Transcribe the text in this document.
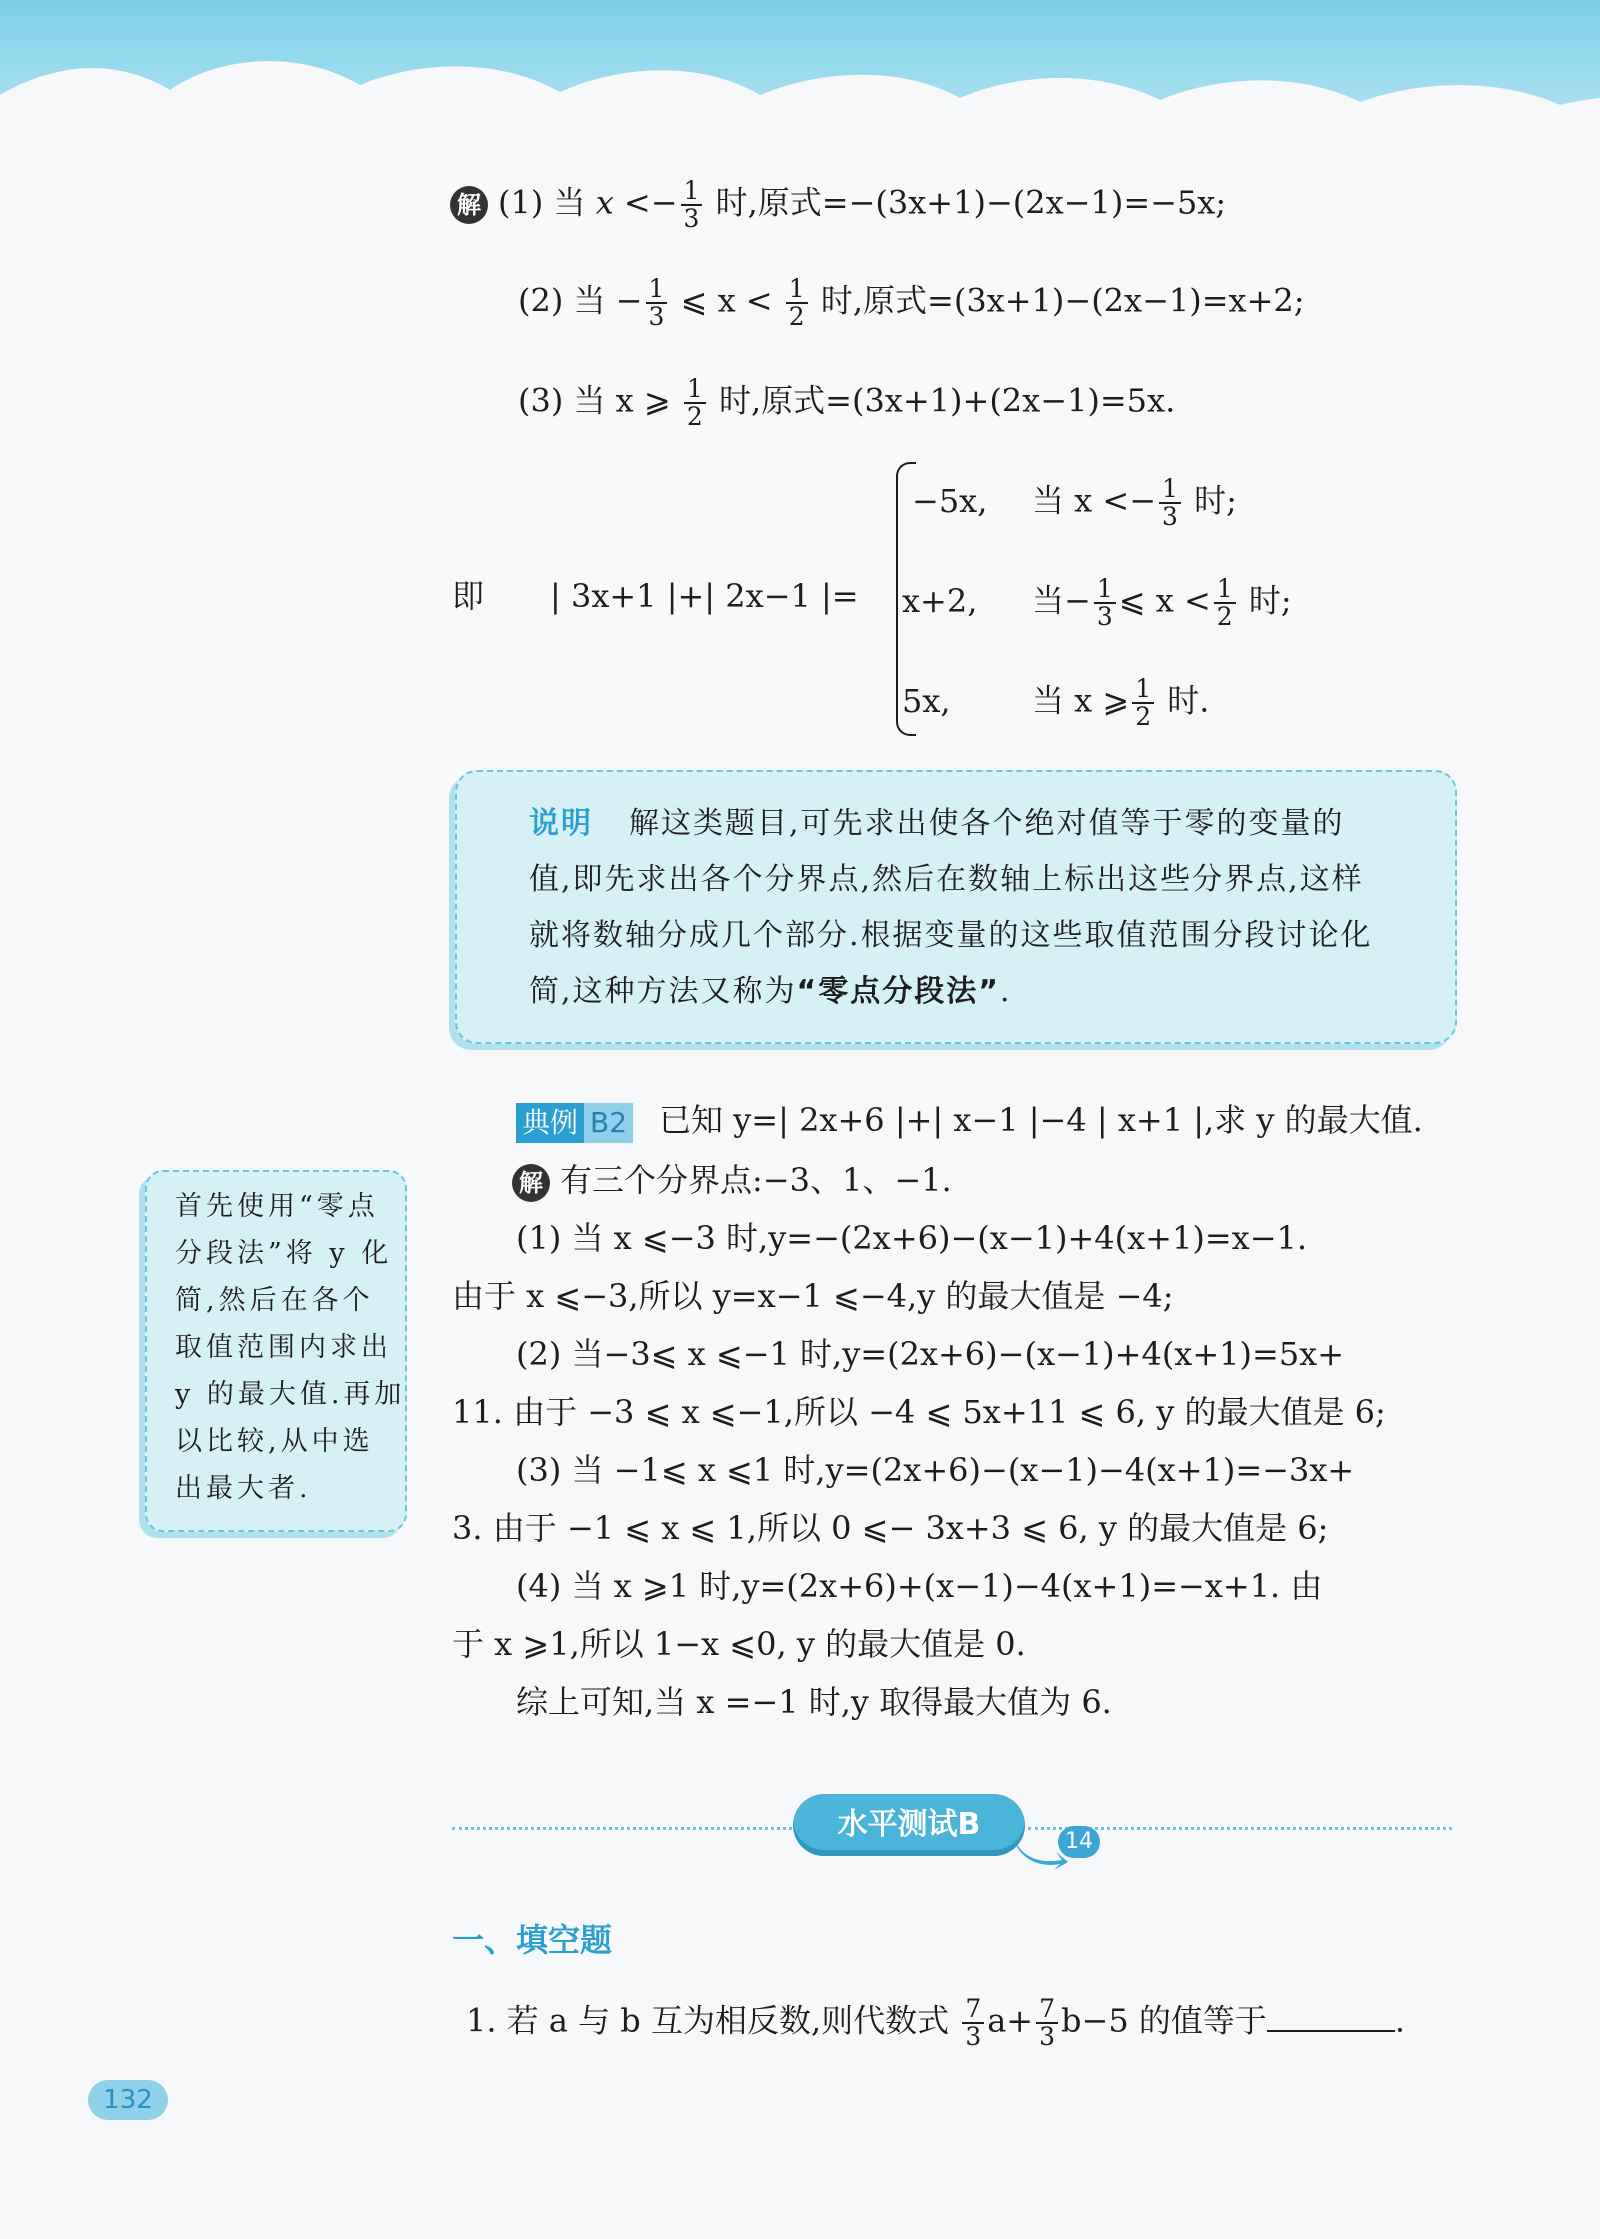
解 (1) 当 $x <- \frac{1}{3}$ 时,原式=−(3x+1)−(2x−1)=−5x;
(2) 当 − $\frac{1}{3}$ ⩽ $x < \frac{1}{2}$ 时,原式=(3x+1)−(2x−1)=x+2;
(3) 当 x ⩾ $\frac{1}{2}$ 时,原式=(3x+1)+(2x−1)=5x.
即 | 3x+1 |+| 2x−1 |=
−5x, 当 $x <- \frac{1}{3}$ 时;
x+2, 当− $\frac{1}{3}$ ⩽ $x < \frac{1}{2}$ 时;
5x,	当 x ⩾ $\frac{1}{2}$ 时.
说明 解这类题目,可先求出使各个绝对值等于零的变量的
值,即先求出各个分界点,然后在数轴上标出这些分界点,这样
就将数轴分成几个部分.根据变量的这些取值范围分段讨论化
简,这种方法又称为“零点分段法”.
首先使用“零点
分段法”将 y 化
简,然后在各个
取值范围内求出
y 的最大值.再加
以比较,从中选
出最大者.
典例 B2 已知 y=| 2x+6 |+| x−1 |−4 | x+1 |,求 y 的最大值.
解 有三个分界点:−3、1、−1.
(1) 当 x ⩽−3 时,y=−(2x+6)−(x−1)+4(x+1)=x−1.
由于 x ⩽−3,所以 y=x−1 ⩽−4,y 的最大值是 −4;
(2) 当−3⩽ x ⩽−1 时,y=(2x+6)−(x−1)+4(x+1)=5x+
11. 由于 −3 ⩽ x ⩽−1,所以 −4 ⩽ 5x+11 ⩽ 6, y 的最大值是 6;
(3) 当 −1⩽ x ⩽1 时,y=(2x+6)−(x−1)−4(x+1)=−3x+
3. 由于 −1 ⩽ x ⩽ 1,所以 0 ⩽− 3x+3 ⩽ 6, y 的最大值是 6;
(4) 当 x ⩾1 时,y=(2x+6)+(x−1)−4(x+1)=−x+1. 由
于 x ⩾1,所以 1−x ⩽0, y 的最大值是 0.
综上可知,当 x =−1 时,y 取得最大值为 6.
水平测试B	14
一、填空题
1. 若 a 与 b 互为相反数,则代数式 $\frac{7}{3} a+ \frac{7}{3} b-5$ 的值等于	.
132
